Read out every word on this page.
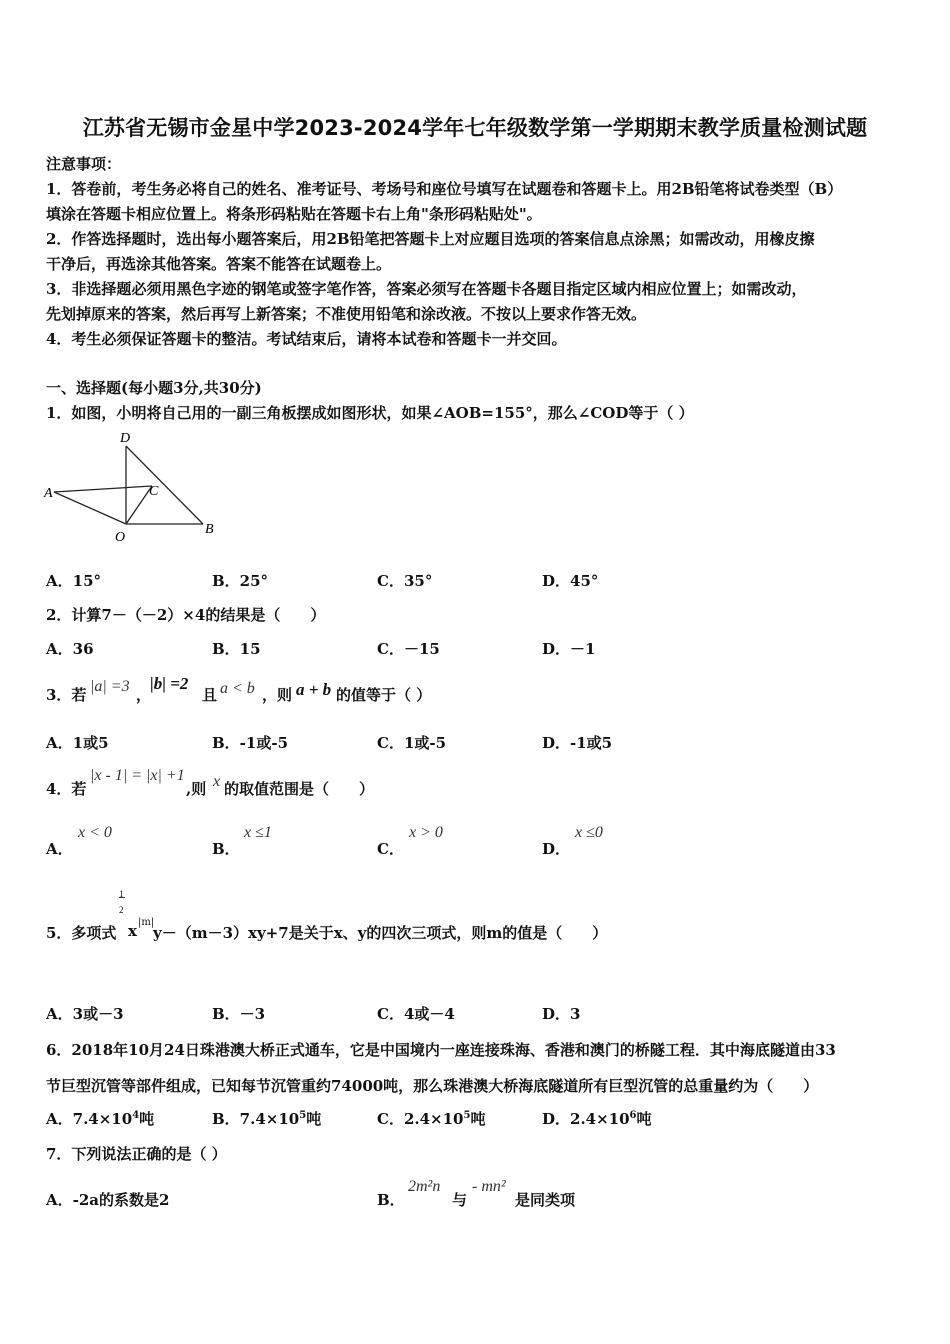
江苏省无锡市金星中学2023-2024学年七年级数学第一学期期末教学质量检测试题
注意事项：
1．答卷前，考生务必将自己的姓名、准考证号、考场号和座位号填写在试题卷和答题卡上。用2B铅笔将试卷类型（B）
填涂在答题卡相应位置上。将条形码粘贴在答题卡右上角"条形码粘贴处"。
2．作答选择题时，选出每小题答案后，用2B铅笔把答题卡上对应题目选项的答案信息点涂黑；如需改动，用橡皮擦
干净后，再选涂其他答案。答案不能答在试题卷上。
3．非选择题必须用黑色字迹的钢笔或签字笔作答，答案必须写在答题卡各题目指定区域内相应位置上；如需改动，
先划掉原来的答案，然后再写上新答案；不准使用铅笔和涂改液。不按以上要求作答无效。
4．考生必须保证答题卡的整洁。考试结束后，请将本试卷和答题卡一并交回。
一、选择题(每小题3分,共30分)
1．如图，小明将自己用的一副三角板摆成如图形状，如果∠AOB=155°，那么∠COD等于（ ）
D
A	C
O
B
A．15°	B．25°	C．35°	D．45°
2．计算7－（－2）×4的结果是（　　）
A．36	B．15	C．－15	D．－1
3．若 |a| =3 ，
|b| =2
且 a < b ，则 a + b 的值等于（ ）
A．1或5	B．-1或-5	C．1或-5	D．-1或5
4．若
|x - 1| = |x| +1
,则 x 的取值范围是（　　）
A．
x < 0
B．
x ≤1
C．
x > 0
D．
x ≤0
5．多项式
1
2
x |m|
y－（m－3）xy+7是关于x、y的四次三项式，则m的值是（　　）
A．3或－3	B．－3	C．4或－4	D．3
6．2018年10月24日珠港澳大桥正式通车，它是中国境内一座连接珠海、香港和澳门的桥隧工程．其中海底隧道由33
节巨型沉管等部件组成，已知每节沉管重约74000吨，那么珠港澳大桥海底隧道所有巨型沉管的总重量约为（　　）
A．$7.4\times 10^4$吨	B．$7.4\times 10^5$吨	C．$2.4\times 10^5$吨	D．$2.4\times 10^6$吨
7．下列说法正确的是（ ）
A．-2a的系数是2	B．
2m²n
与
- mn²
是同类项
